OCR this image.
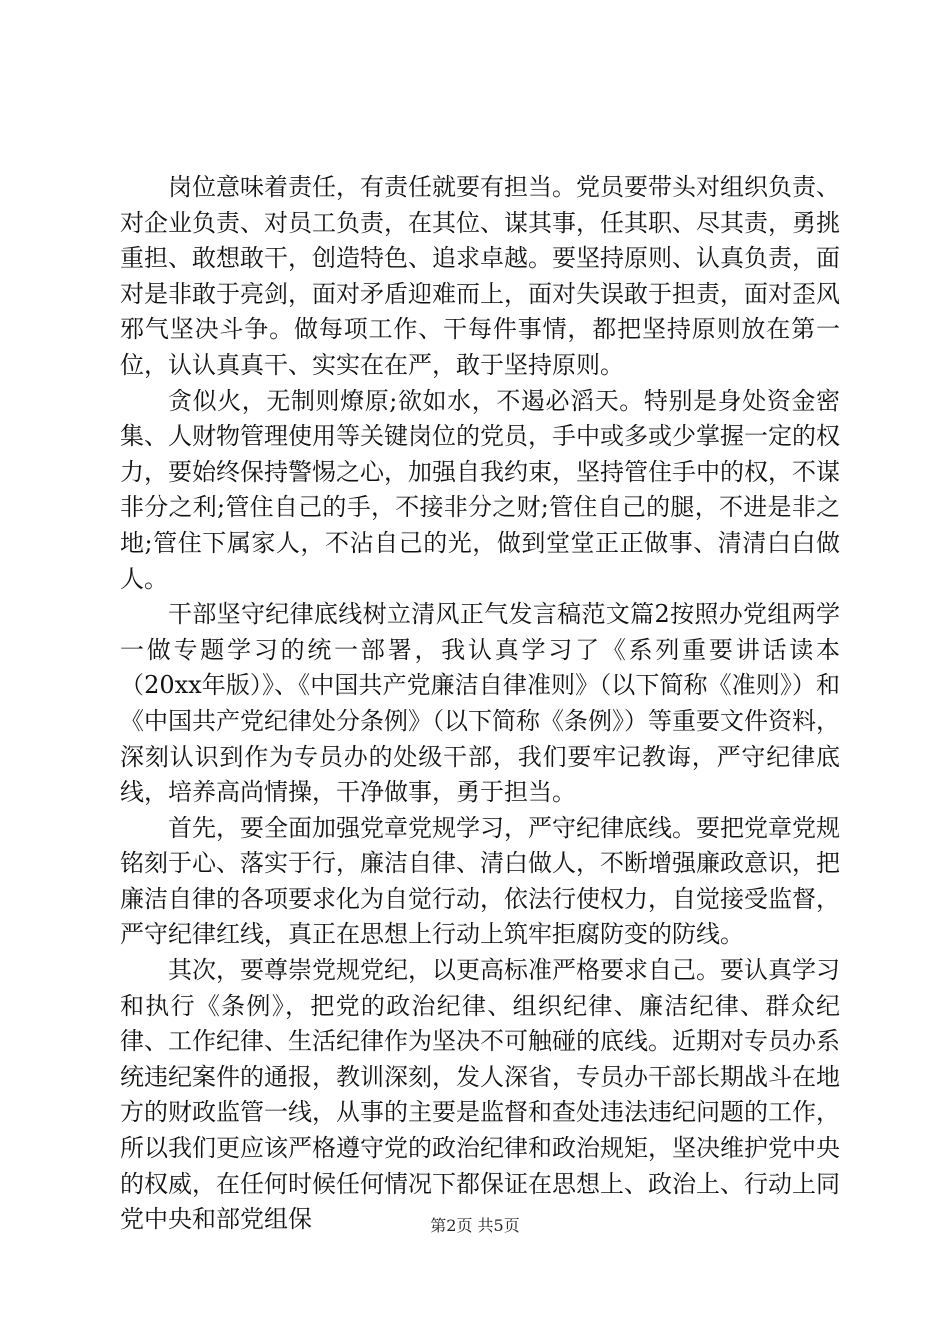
岗位意味着责任，有责任就要有担当。党员要带头对组织负责、对企业负责、对员工负责，在其位、谋其事，任其职、尽其责，勇挑重担、敢想敢干，创造特色、追求卓越。要坚持原则、认真负责，面对是非敢于亮剑，面对矛盾迎难而上，面对失误敢于担责，面对歪风邪气坚决斗争。做每项工作、干每件事情，都把坚持原则放在第一位，认认真真干、实实在在严，敢于坚持原则。

贪似火，无制则燎原;欲如水，不遏必滔天。特别是身处资金密集、人财物管理使用等关键岗位的党员，手中或多或少掌握一定的权力，要始终保持警惕之心，加强自我约束，坚持管住手中的权，不谋非分之利;管住自己的手，不接非分之财;管住自己的腿，不进是非之地;管住下属家人，不沾自己的光，做到堂堂正正做事、清清白白做人。

干部坚守纪律底线树立清风正气发言稿范文篇2按照办党组两学一做专题学习的统一部署，我认真学习了《系列重要讲话读本（20xx年版）》、《中国共产党廉洁自律准则》（以下简称《准则》）和《中国共产党纪律处分条例》（以下简称《条例》）等重要文件资料，深刻认识到作为专员办的处级干部，我们要牢记教诲，严守纪律底线，培养高尚情操，干净做事，勇于担当。

首先，要全面加强党章党规学习，严守纪律底线。要把党章党规铭刻于心、落实于行，廉洁自律、清白做人，不断增强廉政意识，把廉洁自律的各项要求化为自觉行动，依法行使权力，自觉接受监督，严守纪律红线，真正在思想上行动上筑牢拒腐防变的防线。

其次，要尊崇党规党纪，以更高标准严格要求自己。要认真学习和执行《条例》，把党的政治纪律、组织纪律、廉洁纪律、群众纪律、工作纪律、生活纪律作为坚决不可触碰的底线。近期对专员办系统违纪案件的通报，教训深刻，发人深省，专员办干部长期战斗在地方的财政监管一线，从事的主要是监督和查处违法违纪问题的工作，所以我们更应该严格遵守党的政治纪律和政治规矩，坚决维护党中央的权威，在任何时候任何情况下都保证在思想上、政治上、行动上同党中央和部党组保	第2页 共5页
